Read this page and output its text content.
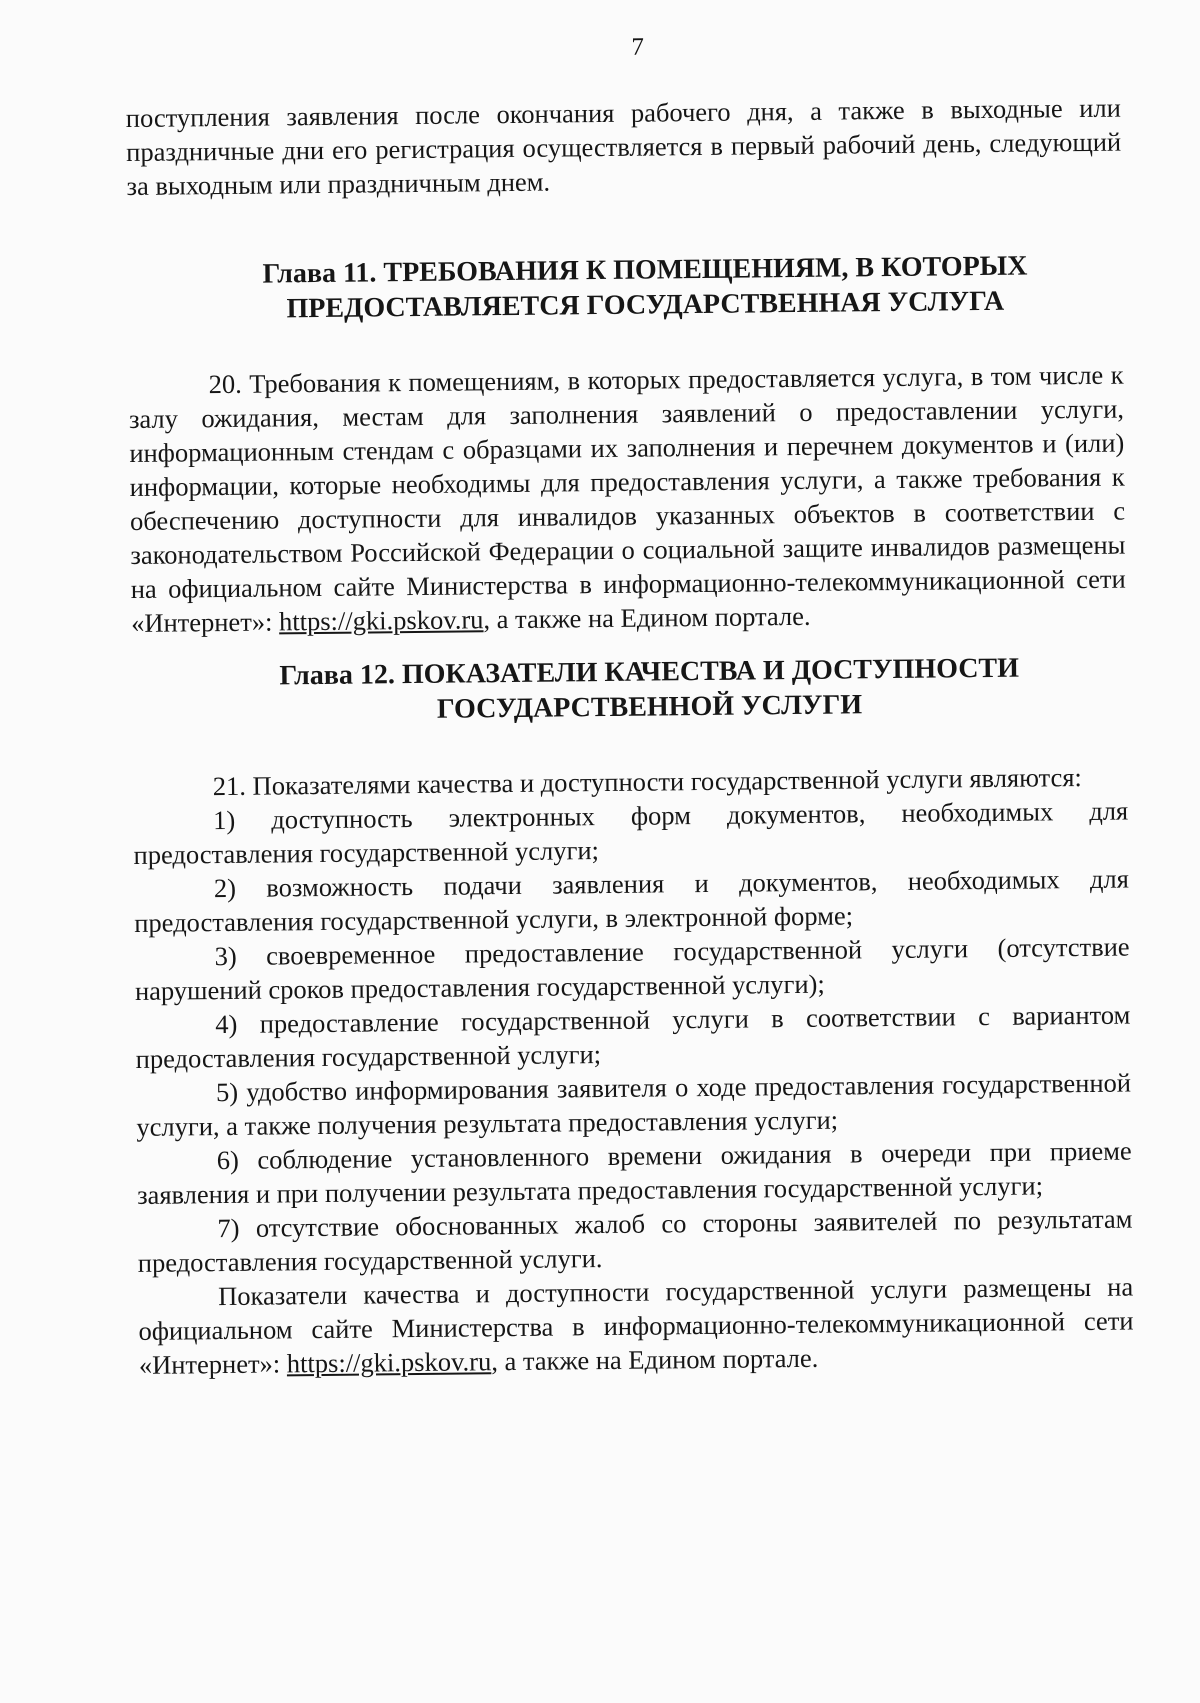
7

поступления заявления после окончания рабочего дня, а также в выходные или праздничные дни его регистрация осуществляется в первый рабочий день, следующий за выходным или праздничным днем.

Глава 11. ТРЕБОВАНИЯ К ПОМЕЩЕНИЯМ, В КОТОРЫХ
ПРЕДОСТАВЛЯЕТСЯ ГОСУДАРСТВЕННАЯ УСЛУГА

20. Требования к помещениям, в которых предоставляется услуга, в том числе к залу ожидания, местам для заполнения заявлений о предоставлении услуги, информационным стендам с образцами их заполнения и перечнем документов и (или) информации, которые необходимы для предоставления услуги, а также требования к обеспечению доступности для инвалидов указанных объектов в соответствии с законодательством Российской Федерации о социальной защите инвалидов размещены на официальном сайте Министерства в информационно-телекоммуникационной сети «Интернет»: https://gki.pskov.ru, а также на Едином портале.

Глава 12. ПОКАЗАТЕЛИ КАЧЕСТВА И ДОСТУПНОСТИ
ГОСУДАРСТВЕННОЙ УСЛУГИ

21. Показателями качества и доступности государственной услуги являются:

1) доступность электронных форм документов, необходимых для предоставления государственной услуги;

2) возможность подачи заявления и документов, необходимых для предоставления государственной услуги, в электронной форме;

3) своевременное предоставление государственной услуги (отсутствие нарушений сроков предоставления государственной услуги);

4) предоставление государственной услуги в соответствии с вариантом предоставления государственной услуги;

5) удобство информирования заявителя о ходе предоставления государственной услуги, а также получения результата предоставления услуги;

6) соблюдение установленного времени ожидания в очереди при приеме заявления и при получении результата предоставления государственной услуги;

7) отсутствие обоснованных жалоб со стороны заявителей по результатам предоставления государственной услуги.

Показатели качества и доступности государственной услуги размещены на официальном сайте Министерства в информационно-телекоммуникационной сети «Интернет»: https://gki.pskov.ru, а также на Едином портале.
